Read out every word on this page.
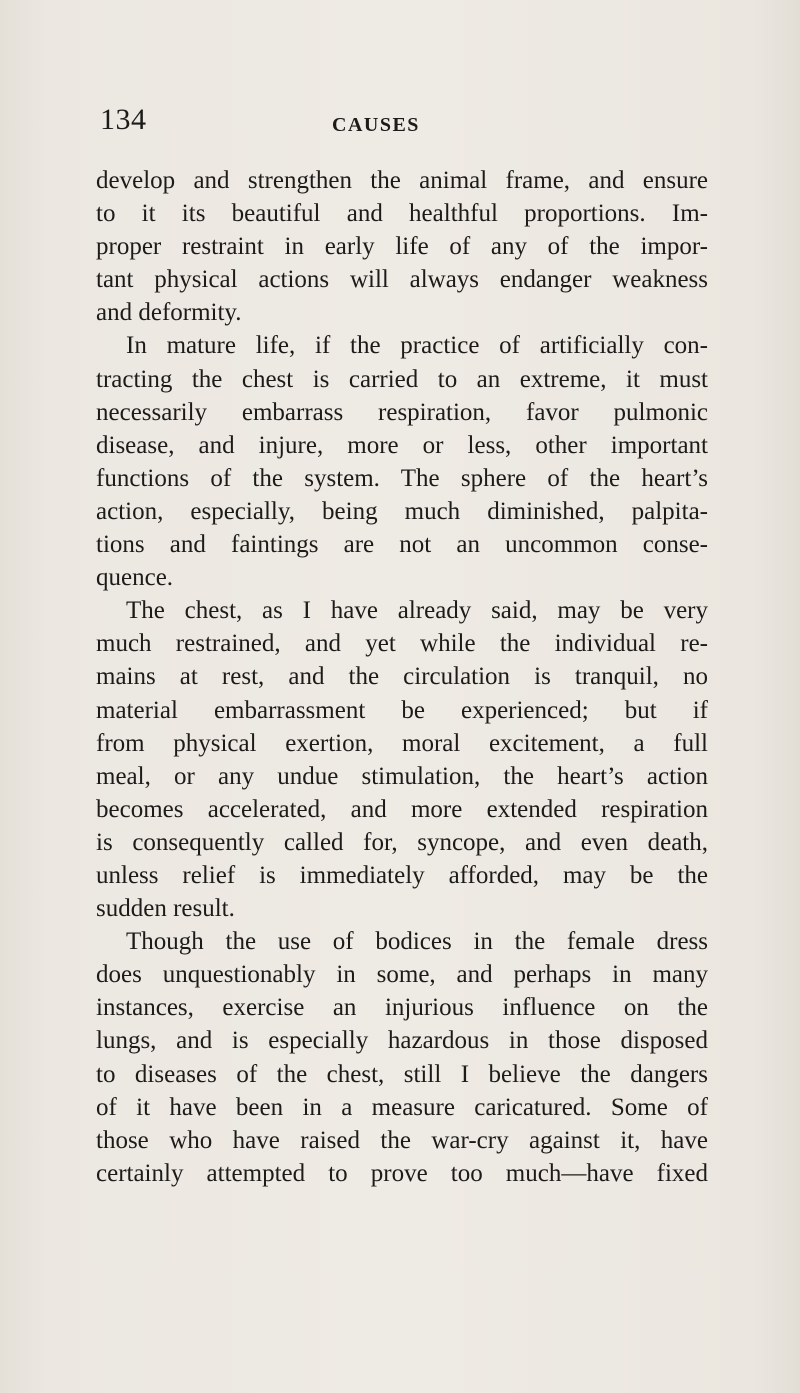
134	CAUSES
develop and strengthen the animal frame, and ensure
to it its beautiful and healthful proportions. Im-
proper restraint in early life of any of the impor-
tant physical actions will always endanger weakness
and deformity.
In mature life, if the practice of artificially con-
tracting the chest is carried to an extreme, it must
necessarily embarrass respiration, favor pulmonic
disease, and injure, more or less, other important
functions of the system. The sphere of the heart’s
action, especially, being much diminished, palpita-
tions and faintings are not an uncommon conse-
quence.
The chest, as I have already said, may be very
much restrained, and yet while the individual re-
mains at rest, and the circulation is tranquil, no
material embarrassment be experienced; but if
from physical exertion, moral excitement, a full
meal, or any undue stimulation, the heart’s action
becomes accelerated, and more extended respiration
is consequently called for, syncope, and even death,
unless relief is immediately afforded, may be the
sudden result.
Though the use of bodices in the female dress
does unquestionably in some, and perhaps in many
instances, exercise an injurious influence on the
lungs, and is especially hazardous in those disposed
to diseases of the chest, still I believe the dangers
of it have been in a measure caricatured. Some of
those who have raised the war-cry against it, have
certainly attempted to prove too much—have fixed
